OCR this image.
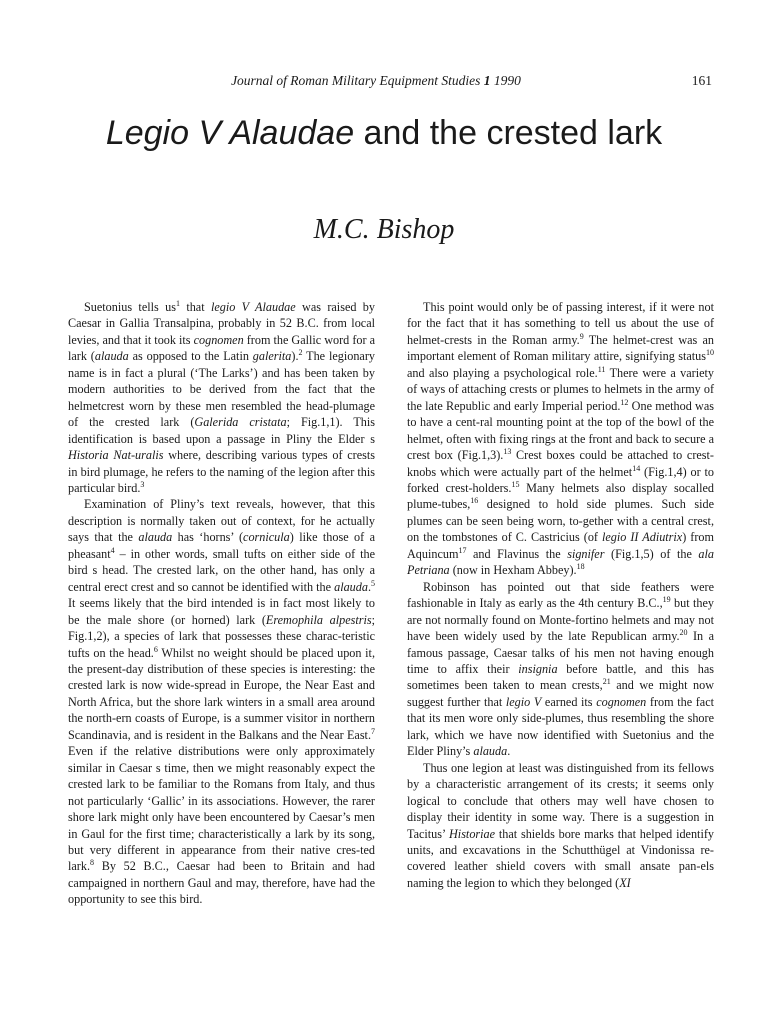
Journal of Roman Military Equipment Studies 1 1990	161
Legio V Alaudae and the crested lark
M.C. Bishop

Suetonius tells $us^1$ that legio V Alaudae was raised by Caesar in Gallia Transalpina, probably in 52 B.C. from local levies, and that it took its cognomen from the Gallic word for a lark (alauda as opposed to the Latin galerita).$^2$ The legionary name is in fact a plural (‘The Larks’) and has been taken by modern authorities to be derived from the fact that the helmetcrest worn by these men resembled the head-plumage of the crested lark (Galerida cristata; Fig.1,1). This identification is based upon a passage in Pliny the Elder s Historia Nat-uralis where, describing various types of crests in bird plumage, he refers to the naming of the legion after this particular bird.$^3$

Examination of Pliny’s text reveals, however, that this description is normally taken out of context, for he actually says that the alauda has ‘horns’ (corniculа) like those of a pheasant$^4$ – in other words, small tufts on either side of the bird s head. The crested lark, on the other hand, has only a central erect crest and so cannot be identified with the alauda.$^5$ It seems likely that the bird intended is in fact most likely to be the male shore (or horned) lark (Eremophila alpestris; Fig.1,2), a species of lark that possesses these charac-teristic tufts on the head.$^6$ Whilst no weight should be placed upon it, the present-day distribution of these species is interesting: the crested lark is now wide-spread in Europe, the Near East and North Africa, but the shore lark winters in a small area around the north-ern coasts of Europe, is a summer visitor in northern Scandinavia, and is resident in the Balkans and the Near East.$^7$ Even if the relative distributions were only approximately similar in Caesar s time, then we might reasonably expect the crested lark to be familiar to the Romans from Italy, and thus not particularly ‘Gallic’ in its associations. However, the rarer shore lark might only have been encountered by Caesar’s men in Gaul for the first time; characteristically a lark by its song, but very different in appearance from their native cres-ted lark.$^8$ By 52 B.C., Caesar had been to Britain and had campaigned in northern Gaul and may, therefore, have had the opportunity to see this bird.

This point would only be of passing interest, if it were not for the fact that it has something to tell us about the use of helmet-crests in the Roman army.$^9$ The helmet-crest was an important element of Roman military attire, signifying status$^{10}$ and also playing a psychological role.$^{11}$ There were a variety of ways of attaching crests or plumes to helmets in the army of the late Republic and early Imperial period.$^{12}$ One method was to have a cent-ral mounting point at the top of the bowl of the helmet, often with fixing rings at the front and back to secure a crest box (Fig.1,3).$^{13}$ Crest boxes could be attached to crest-knobs which were actually part of the helmet$^{14}$ (Fig.1,4) or to forked crest-holders.$^{15}$ Many helmets also display socalled plume-tubes,$^{16}$ designed to hold side plumes. Such side plumes can be seen being worn, to-gether with a central crest, on the tombstones of C. Castricius (of legio II Adiutrix) from Aquincum$^{17}$ and Flavinus the signifer (Fig.1,5) of the ala Petriana (now in Hexham Abbey).$^{18}$

Robinson has pointed out that side feathers were fashionable in Italy as early as the 4th century B.C.,$^{19}$ but they are not normally found on Monte-fortino helmets and may not have been widely used by the late Republican army.$^{20}$ In a famous passage, Caesar talks of his men not having enough time to affix their insignia before battle, and this has sometimes been taken to mean crests,$^{21}$ and we might now suggest further that legio V earned its cognomen from the fact that its men wore only side-plumes, thus resembling the shore lark, which we have now identified with Suetonius and the Elder Pliny’s alauda.

Thus one legion at least was distinguished from its fellows by a characteristic arrangement of its crests; it seems only logical to conclude that others may well have chosen to display their identity in some way. There is a suggestion in Tacitus’ Historiae that shields bore marks that helped identify units, and excavations in the Schutthügel at Vindonissa re-covered leather shield covers with small ansate pan-els naming the legion to which they belonged (XI
